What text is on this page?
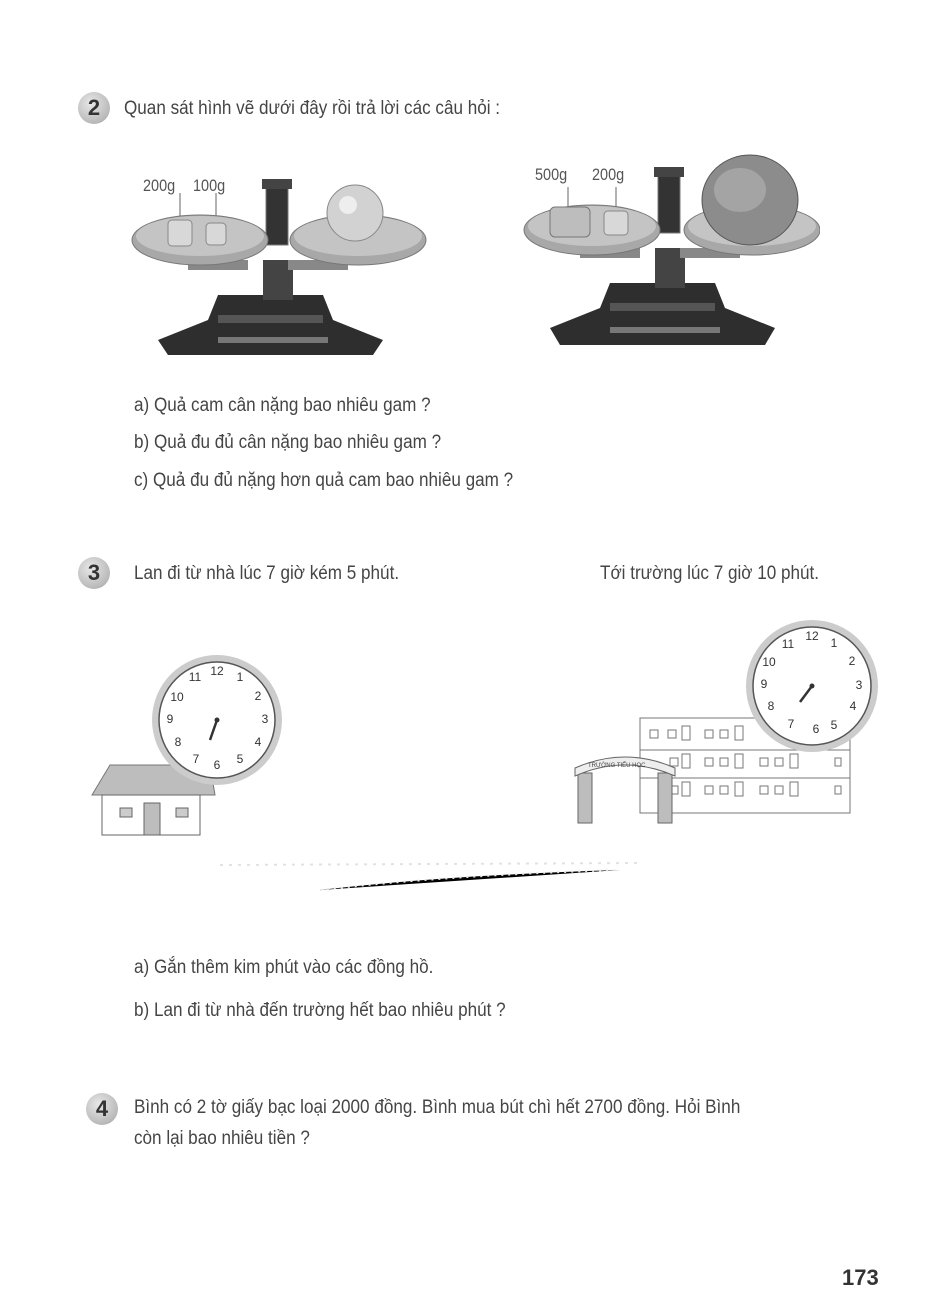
2	Quan sát hình vẽ dưới đây rồi trả lời các câu hỏi :
200g 100g
500g 200g
a) Quả cam cân nặng bao nhiêu gam ?
b) Quả đu đủ cân nặng bao nhiêu gam ?
c) Quả đu đủ nặng hơn quả cam bao nhiêu gam ?
3	Lan đi từ nhà lúc 7 giờ kém 5 phút.	Tới trường lúc 7 giờ 10 phút.
12 1
2
3
4
5
6
7
8
9
10
11
TRƯỜNG TIỂU HỌC
12 1
2
3
4
5
6
7
8
9
10
11
a) Gắn thêm kim phút vào các đồng hồ.
b) Lan đi từ nhà đến trường hết bao nhiêu phút ?
4	Bình có 2 tờ giấy bạc loại 2000 đồng. Bình mua bút chì hết 2700 đồng. Hỏi Bình
còn lại bao nhiêu tiền ?
173
